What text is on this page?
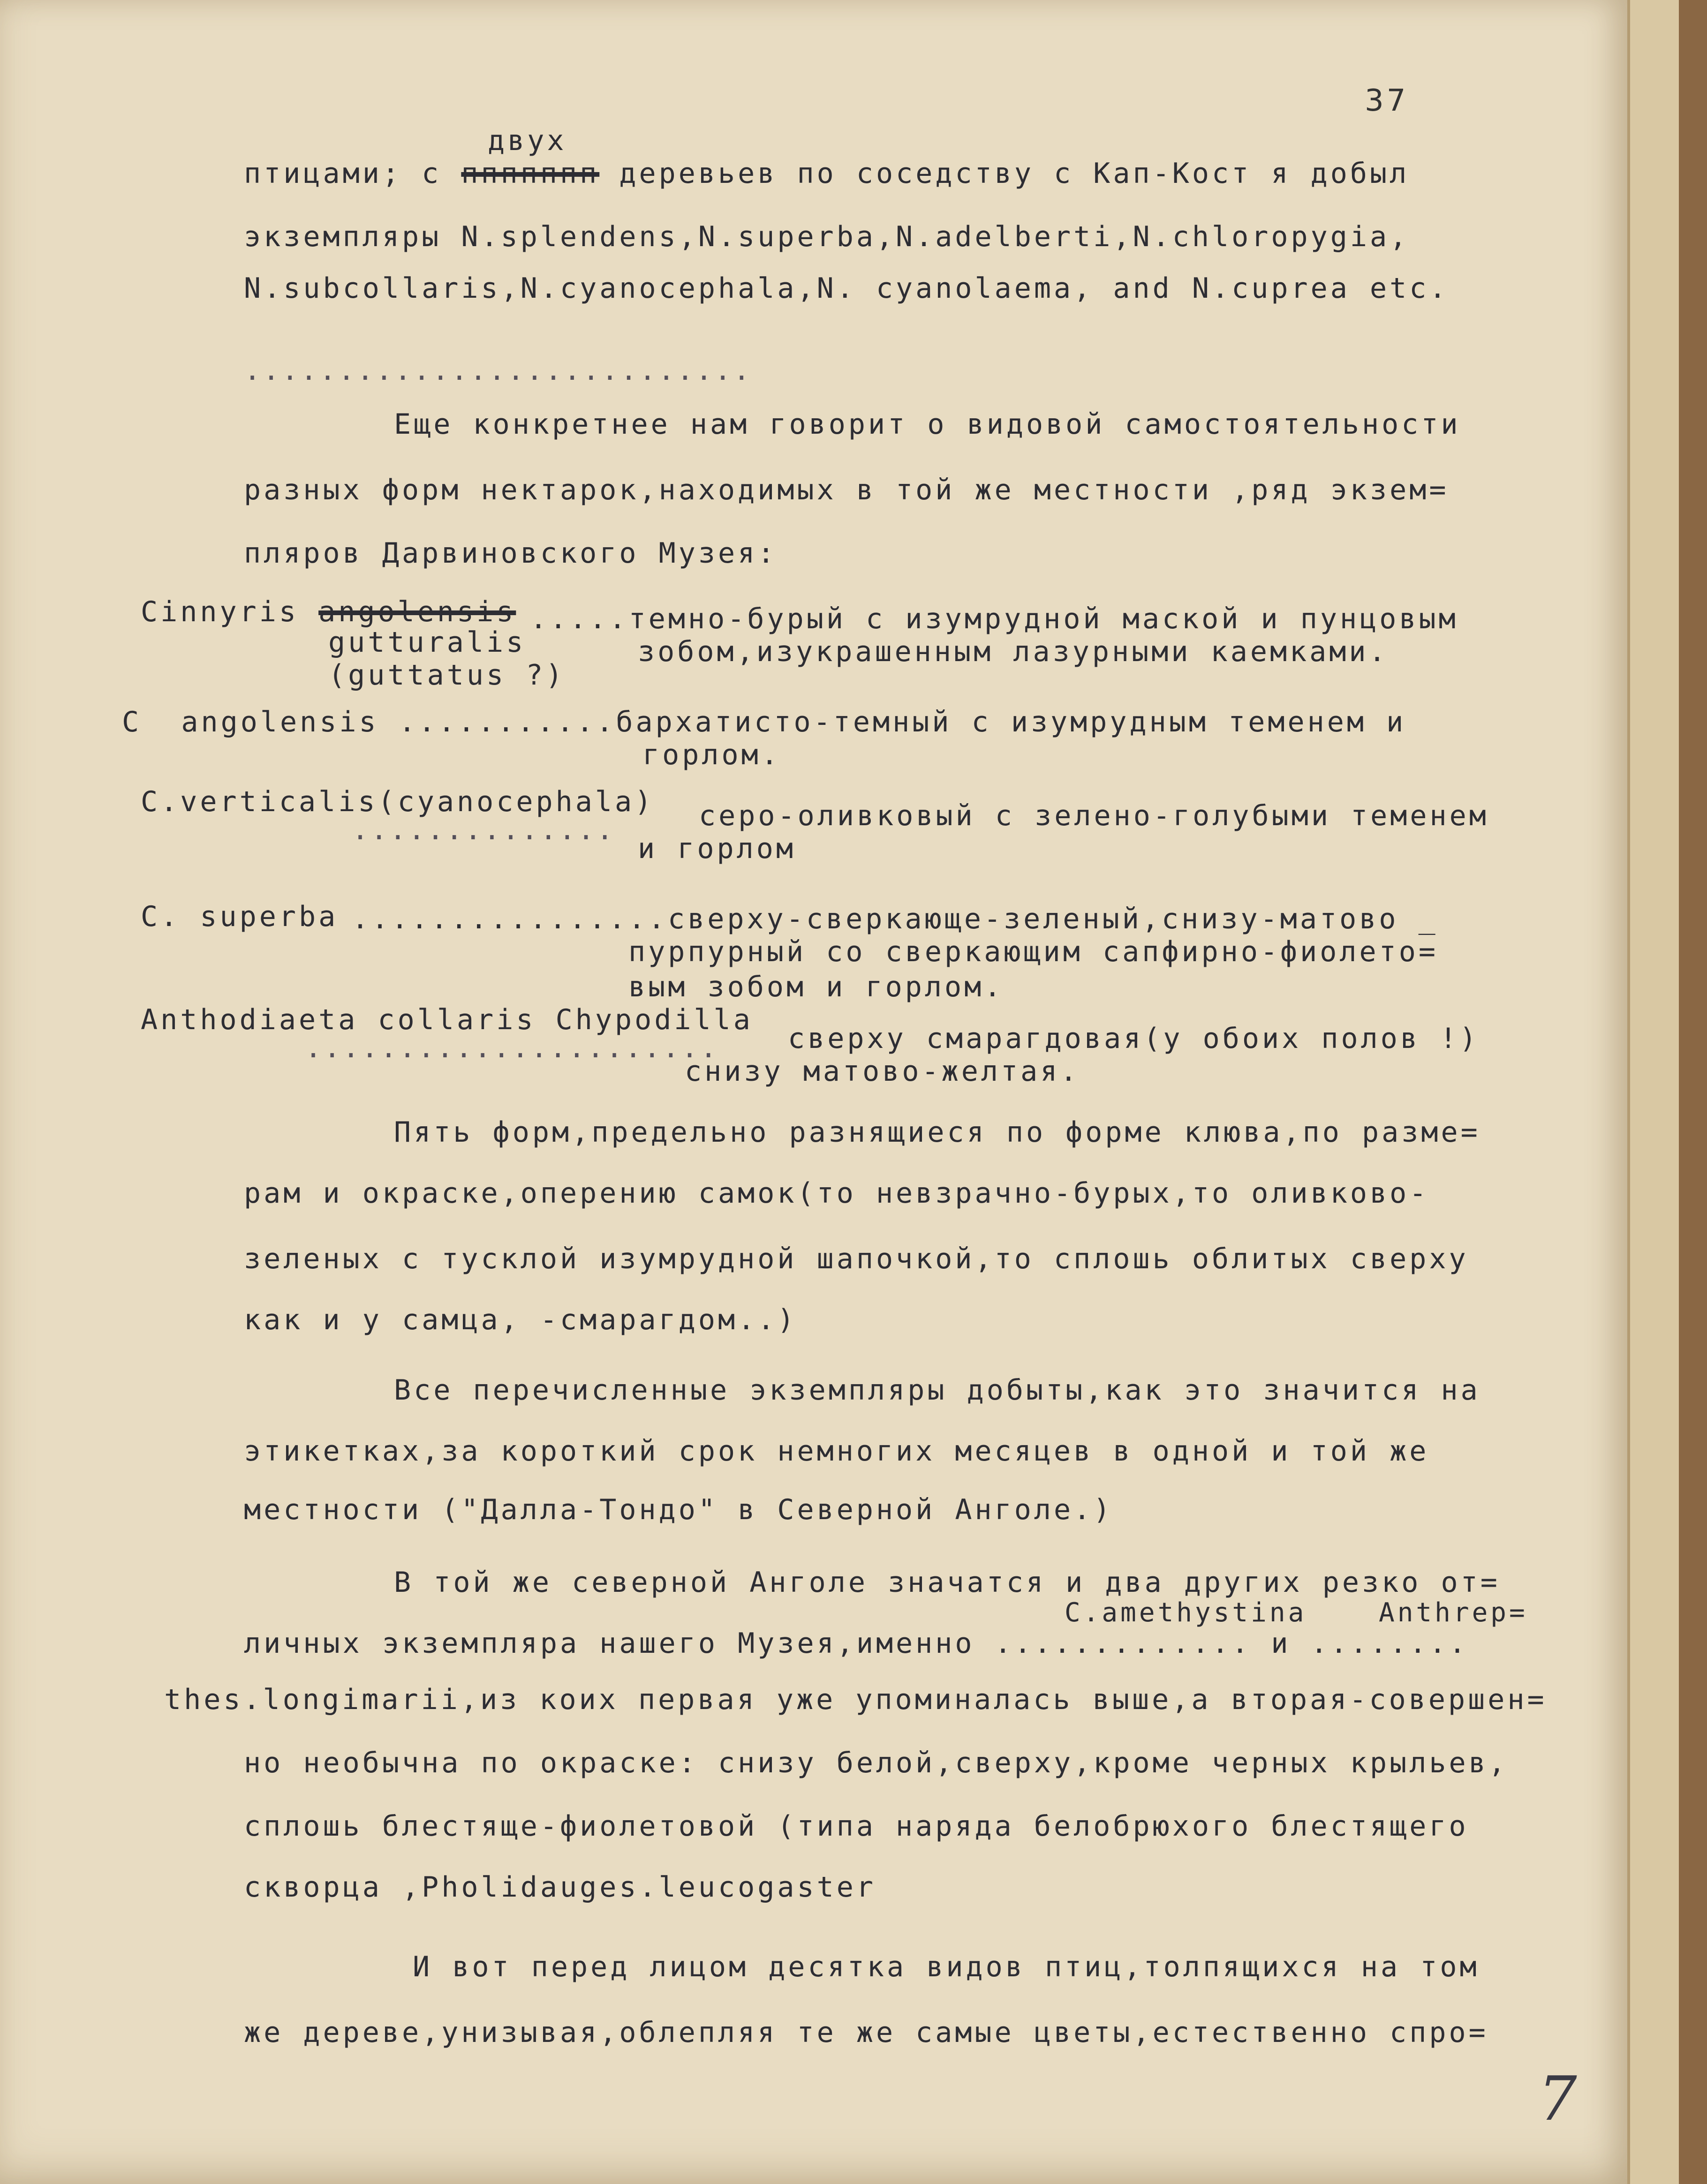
37
двух
птицами; с ппппппп деревьев по соседству с Кап-Кост я добыл
экземпляры N.splendens,N.superba,N.adelberti,N.chloropygia,
N.subcollaris,N.cyanocephala,N. cyanolaema, and N.cuprea etc.
...........................
Еще конкретнее нам говорит о видовой самостоятельности
разных форм нектарок,находимых в той же местности ,ряд экзем=
пляров Дарвиновского Музея:
Cinnyris angolensis
gutturalis
(guttatus ?)
.....темно-бурый с изумрудной маской и пунцовым
зобом,изукрашенным лазурными каемками.
C  angolensis ...........бархатисто-темный с изумрудным теменем и
горлом.
C.verticalis(cyanocephala)
..............	серо-оливковый с зелено-голубыми теменем
и горлом
C. superba ................сверху-сверкающе-зеленый,снизу-матово _
пурпурный со сверкающим сапфирно-фиолето=
вым зобом и горлом.
Anthodiaeta collaris Chypodilla
...................... сверху смарагдовая(у обоих полов !)
снизу матово-желтая.
Пять форм,предельно разнящиеся по форме клюва,по разме=
рам и окраске,оперению самок(то невзрачно-бурых,то оливково-
зеленых с тусклой изумрудной шапочкой,то сплошь облитых сверху
как и у самца, -смарагдом..)
Все перечисленные экземпляры добыты,как это значится на
этикетках,за короткий срок немногих месяцев в одной и той же
местности ("Далла-Тондо" в Северной Анголе.)
В той же северной Анголе значатся и два других резко от=
C.amethystina	Anthrep=
личных экземпляра нашего Музея,именно ............. и ........
thes.longimarii,из коих первая уже упоминалась выше,а вторая-совершен=
но необычна по окраске: снизу белой,сверху,кроме черных крыльев,
сплошь блестяще-фиолетовой (типа наряда белобрюхого блестящего
скворца ,Pholidauges.leucogaster
И вот перед лицом десятка видов птиц,толпящихся на том
же дереве,унизывая,облепляя те же самые цветы,естественно спро=
7
